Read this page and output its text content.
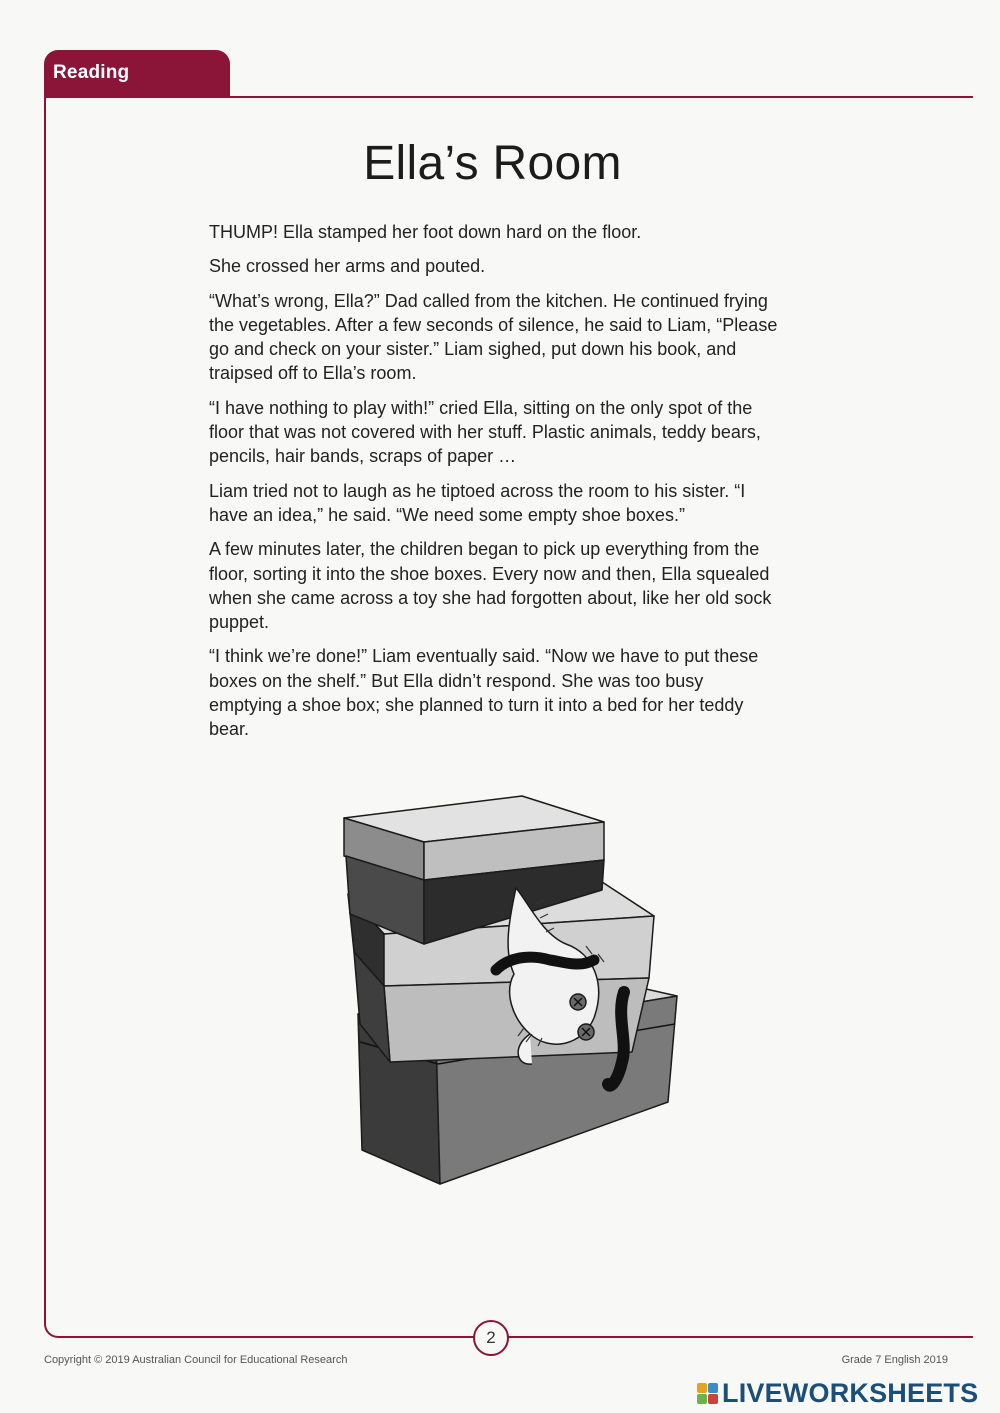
Reading
Ella’s Room

THUMP! Ella stamped her foot down hard on the floor.

She crossed her arms and pouted.

“What’s wrong, Ella?” Dad called from the kitchen. He continued frying the vegetables. After a few seconds of silence, he said to Liam, “Please go and check on your sister.” Liam sighed, put down his book, and traipsed off to Ella’s room.

“I have nothing to play with!” cried Ella, sitting on the only spot of the floor that was not covered with her stuff. Plastic animals, teddy bears, pencils, hair bands, scraps of paper …

Liam tried not to laugh as he tiptoed across the room to his sister. “I have an idea,” he said. “We need some empty shoe boxes.”

A few minutes later, the children began to pick up everything from the floor, sorting it into the shoe boxes. Every now and then, Ella squealed when she came across a toy she had forgotten about, like her old sock puppet.

“I think we’re done!” Liam eventually said. “Now we have to put these boxes on the shelf.” But Ella didn’t respond. She was too busy emptying a shoe box; she planned to turn it into a bed for her teddy bear.

2
Copyright © 2019 Australian Council for Educational Research	Grade 7 English 2019
LIVEWORKSHEETS
